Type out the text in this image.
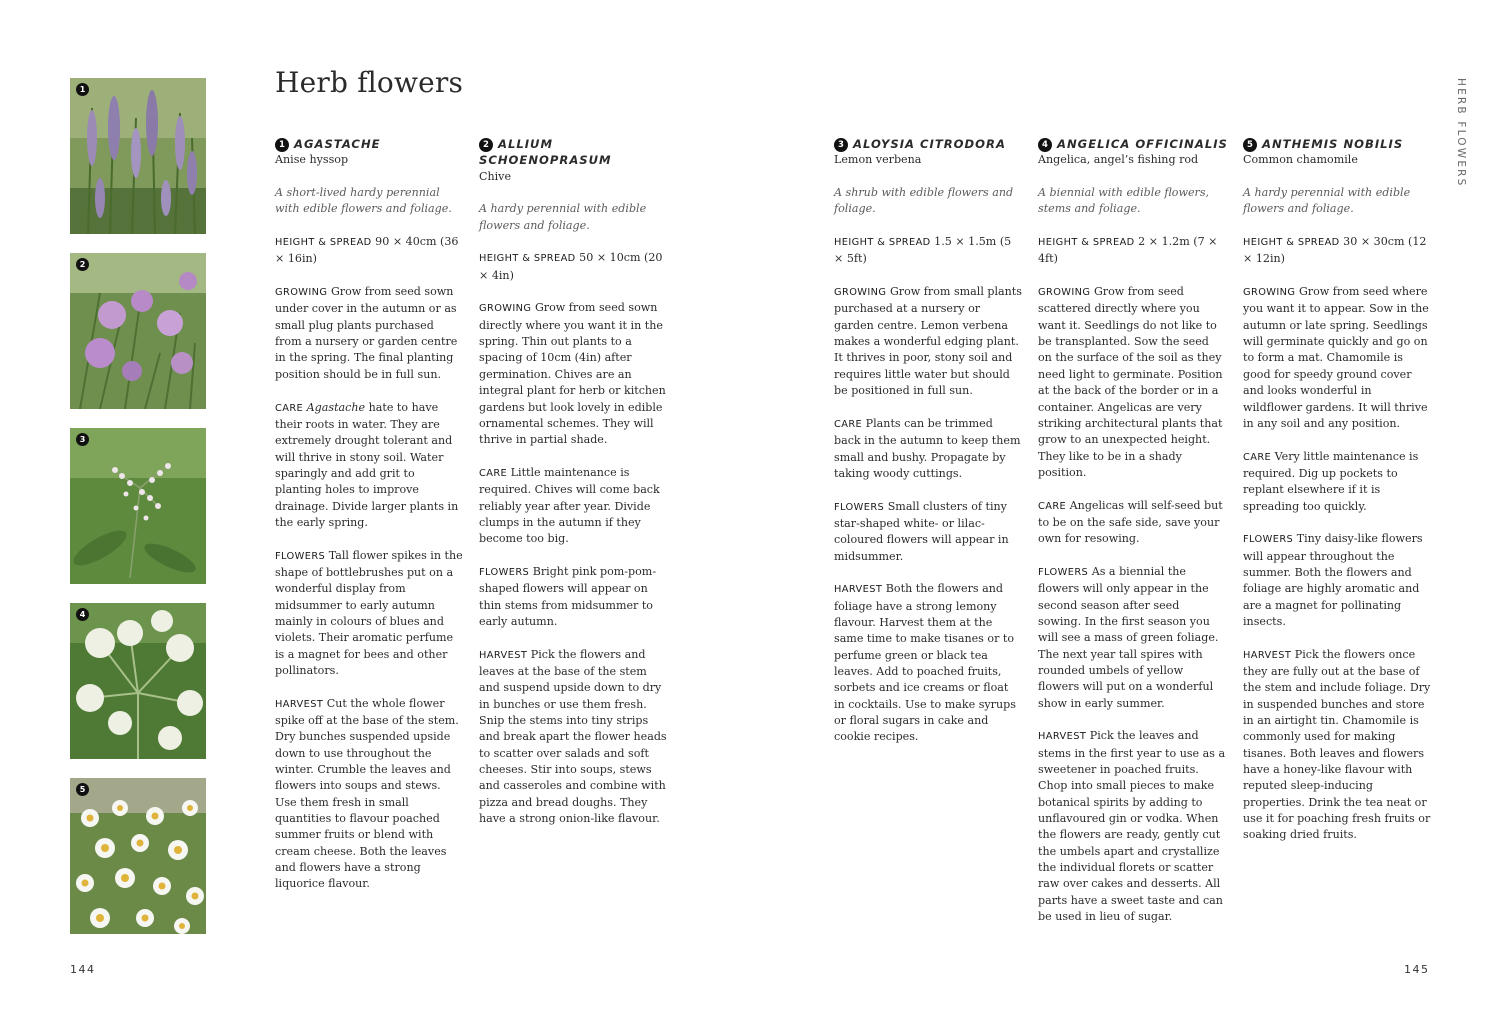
1
2
3
4
5
Herb flowers	HERB FLOWERS
1 AGASTACHE

Anise hyssop

A short-lived hardy perennial with edible flowers and foliage.

HEIGHT & SPREAD 90 × 40cm (36 × 16in)

GROWING Grow from seed sown under cover in the autumn or as small plug plants purchased from a nursery or garden centre in the spring. The final planting position should be in full sun.

CARE Agastache hate to have their roots in water. They are extremely drought tolerant and will thrive in stony soil. Water sparingly and add grit to planting holes to improve drainage. Divide larger plants in the early spring.

FLOWERS Tall flower spikes in the shape of bottlebrushes put on a wonderful display from midsummer to early autumn mainly in colours of blues and violets. Their aromatic perfume is a magnet for bees and other pollinators.

HARVEST Cut the whole flower spike off at the base of the stem. Dry bunches suspended upside down to use throughout the winter. Crumble the leaves and flowers into soups and stews. Use them fresh in small quantities to flavour poached summer fruits or blend with cream cheese. Both the leaves and flowers have a strong liquorice flavour.

2 ALLIUM SCHOENOPRASUM

Chive

A hardy perennial with edible flowers and foliage.

HEIGHT & SPREAD 50 × 10cm (20 × 4in)

GROWING Grow from seed sown directly where you want it in the spring. Thin out plants to a spacing of 10cm (4in) after germination. Chives are an integral plant for herb or kitchen gardens but look lovely in edible ornamental schemes. They will thrive in partial shade.

CARE Little maintenance is required. Chives will come back reliably year after year. Divide clumps in the autumn if they become too big.

FLOWERS Bright pink pom-pom-shaped flowers will appear on thin stems from midsummer to early autumn.

HARVEST Pick the flowers and leaves at the base of the stem and suspend upside down to dry in bunches or use them fresh. Snip the stems into tiny strips and break apart the flower heads to scatter over salads and soft cheeses. Stir into soups, stews and casseroles and combine with pizza and bread doughs. They have a strong onion-like flavour.

3 ALOYSIA CITRODORA

Lemon verbena

A shrub with edible flowers and foliage.

HEIGHT & SPREAD 1.5 × 1.5m (5 × 5ft)

GROWING Grow from small plants purchased at a nursery or garden centre. Lemon verbena makes a wonderful edging plant. It thrives in poor, stony soil and requires little water but should be positioned in full sun.

CARE Plants can be trimmed back in the autumn to keep them small and bushy. Propagate by taking woody cuttings.

FLOWERS Small clusters of tiny star-shaped white- or lilac-coloured flowers will appear in midsummer.

HARVEST Both the flowers and foliage have a strong lemony flavour. Harvest them at the same time to make tisanes or to perfume green or black tea leaves. Add to poached fruits, sorbets and ice creams or float in cocktails. Use to make syrups or floral sugars in cake and cookie recipes.

4 ANGELICA OFFICINALIS

Angelica, angel’s fishing rod

A biennial with edible flowers, stems and foliage.

HEIGHT & SPREAD 2 × 1.2m (7 × 4ft)

GROWING Grow from seed scattered directly where you want it. Seedlings do not like to be transplanted. Sow the seed on the surface of the soil as they need light to germinate. Position at the back of the border or in a container. Angelicas are very striking architectural plants that grow to an unexpected height. They like to be in a shady position.

CARE Angelicas will self-seed but to be on the safe side, save your own for resowing.

FLOWERS As a biennial the flowers will only appear in the second season after seed sowing. In the first season you will see a mass of green foliage. The next year tall spires with rounded umbels of yellow flowers will put on a wonderful show in early summer.

HARVEST Pick the leaves and stems in the first year to use as a sweetener in poached fruits. Chop into small pieces to make botanical spirits by adding to unflavoured gin or vodka. When the flowers are ready, gently cut the umbels apart and crystallize the individual florets or scatter raw over cakes and desserts. All parts have a sweet taste and can be used in lieu of sugar.

5 ANTHEMIS NOBILIS

Common chamomile

A hardy perennial with edible flowers and foliage.

HEIGHT & SPREAD 30 × 30cm (12 × 12in)

GROWING Grow from seed where you want it to appear. Sow in the autumn or late spring. Seedlings will germinate quickly and go on to form a mat. Chamomile is good for speedy ground cover and looks wonderful in wildflower gardens. It will thrive in any soil and any position.

CARE Very little maintenance is required. Dig up pockets to replant elsewhere if it is spreading too quickly.

FLOWERS Tiny daisy-like flowers will appear throughout the summer. Both the flowers and foliage are highly aromatic and are a magnet for pollinating insects.

HARVEST Pick the flowers once they are fully out at the base of the stem and include foliage. Dry in suspended bunches and store in an airtight tin. Chamomile is commonly used for making tisanes. Both leaves and flowers have a honey-like flavour with reputed sleep-inducing properties. Drink the tea neat or use it for poaching fresh fruits or soaking dried fruits.

144	145
